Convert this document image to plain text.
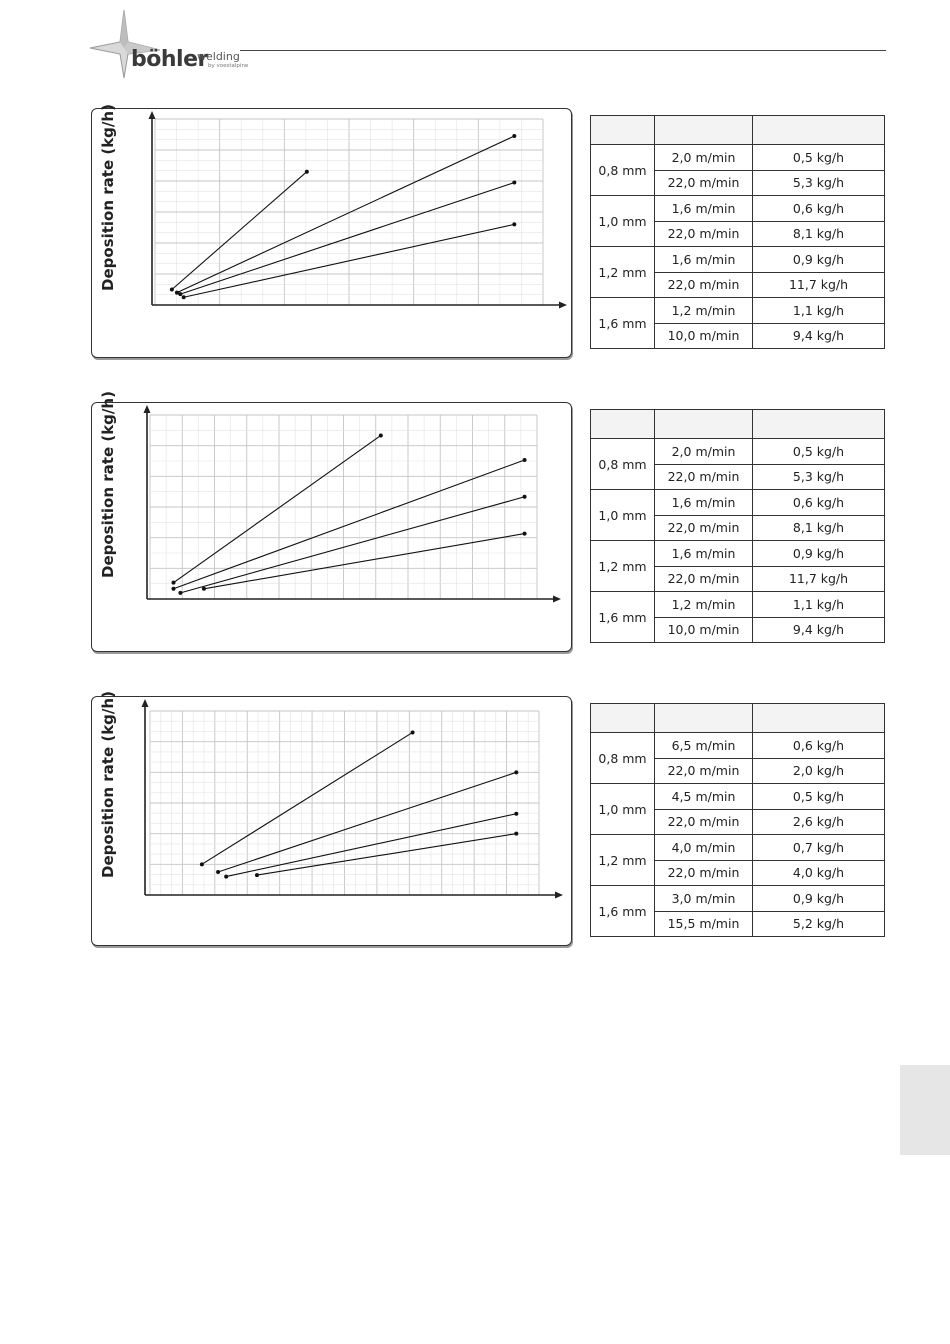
böhler
welding
by voestalpine
Deposition rate (kg/h)
			0,8 mm	2,0 m/min	0,5 kg/h
	22,0 m/min	5,3 kg/h
1,0 mm	1,6 m/min	0,6 kg/h
	22,0 m/min	8,1 kg/h
1,2 mm	1,6 m/min	0,9 kg/h
	22,0 m/min	11,7 kg/h
1,6 mm	1,2 m/min	1,1 kg/h
	10,0 m/min	9,4 kg/h
Deposition rate (kg/h)
			0,8 mm	2,0 m/min	0,5 kg/h
	22,0 m/min	5,3 kg/h
1,0 mm	1,6 m/min	0,6 kg/h
	22,0 m/min	8,1 kg/h
1,2 mm	1,6 m/min	0,9 kg/h
	22,0 m/min	11,7 kg/h
1,6 mm	1,2 m/min	1,1 kg/h
	10,0 m/min	9,4 kg/h
Deposition rate (kg/h)
			0,8 mm	6,5 m/min	0,6 kg/h
	22,0 m/min	2,0 kg/h
1,0 mm	4,5 m/min	0,5 kg/h
	22,0 m/min	2,6 kg/h
1,2 mm	4,0 m/min	0,7 kg/h
	22,0 m/min	4,0 kg/h
1,6 mm	3,0 m/min	0,9 kg/h
	15,5 m/min	5,2 kg/h
